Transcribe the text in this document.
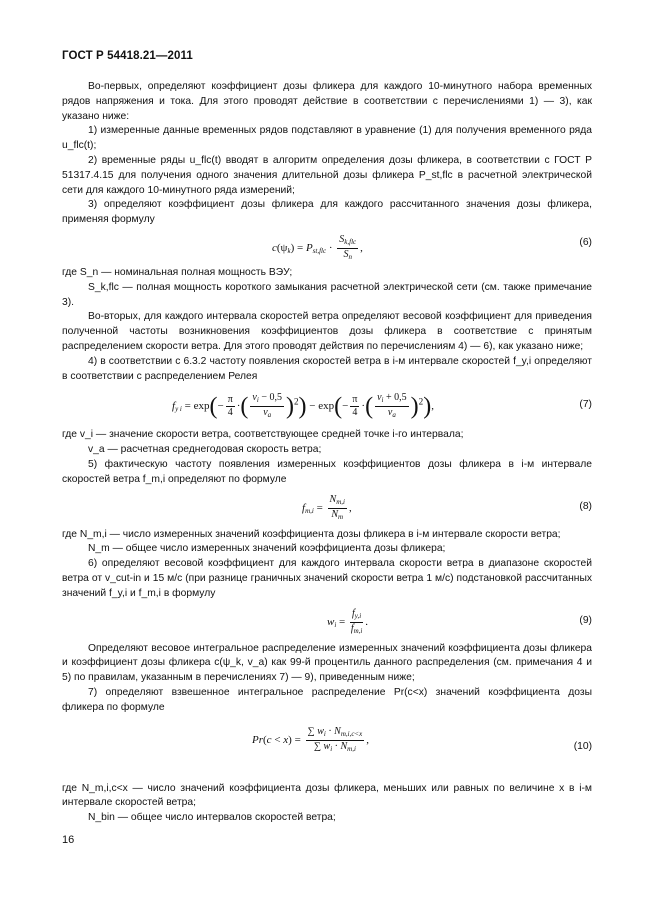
ГОСТ Р 54418.21—2011

Во-первых, определяют коэффициент дозы фликера для каждого 10-минутного набора временных рядов напряжения и тока. Для этого проводят действие в соответствии с перечислениями 1) — 3), как указано ниже:

1) измеренные данные временных рядов подставляют в уравнение (1) для получения временного ряда u_flc(t);

2) временные ряды u_flc(t) вводят в алгоритм определения дозы фликера, в соответствии с ГОСТ Р 51317.4.15 для получения одного значения длительной дозы фликера P_st,flc в расчетной электрической сети для каждого 10-минутного ряда измерений;

3) определяют коэффициент дозы фликера для каждого рассчитанного значения дозы фликера, применяя формулу

$c(\psi_k) = P_{st,flc} \cdot \frac{S_{k,flc}}{S_n}$ ,	(6)

где S_n — номинальная полная мощность ВЭУ;

S_k,flc — полная мощность короткого замыкания расчетной электрической сети (см. также примечание 3).

Во-вторых, для каждого интервала скоростей ветра определяют весовой коэффициент для приведения полученной частоты возникновения коэффициентов дозы фликера в соответствие с принятым распределением скорости ветра. Для этого проводят действия по перечислениям 4) — 6), как указано ниже;

4) в соответствии с 6.3.2 частоту появления скоростей ветра в i-м интервале скоростей f_y,i определяют в соответствии с распределением Релея

$f_{y i} = \exp(- \frac{\pi}{4}$ ·( $\frac{v_i - 0,5}{v_a} )^2) - \exp(- \frac{\pi}{4}$ ·( $\frac{v_i + 0,5}{v_a} )^2$),	(7)

где v_i — значение скорости ветра, соответствующее средней точке i-го интервала;

v_a — расчетная среднегодовая скорость ветра;

5) фактическую частоту появления измеренных коэффициентов дозы фликера в i-м интервале скоростей ветра f_m,i определяют по формуле

$f_{m,i} = \frac{N_{m,i}}{N_m}$ ,	(8)

где N_m,i — число измеренных значений коэффициента дозы фликера в i-м интервале скорости ветра;

N_m — общее число измеренных значений коэффициента дозы фликера;

6) определяют весовой коэффициент для каждого интервала скорости ветра в диапазоне скоростей ветра от v_cut-in и 15 м/с (при разнице граничных значений скорости ветра 1 м/с) подстановкой рассчитанных значений f_y,i и f_m,i в формулу

$w_i = \frac{f_{y,i}}{f_{m,i}}$ .	(9)

Определяют весовое интегральное распределение измеренных значений коэффициента дозы фликера и коэффициент дозы фликера c(ψ_k, v_a) как 99-й процентиль данного распределения (см. примечания 4 и 5) по правилам, указанным в перечислениях 7) — 9), приведенным ниже;

7) определяют взвешенное интегральное распределение Pr(c<x) значений коэффициента дозы фликера по формуле

$Pr(c < x) = \frac{\sum w_i \cdot N_{m,i,c<x}}{\sum w_i \cdot N_{m,i}}$ ,
(10)

где N_m,i,c<x — число значений коэффициента дозы фликера, меньших или равных по величине x в i-м интервале скоростей ветра;

N_bin — общее число интервалов скоростей ветра;

16
